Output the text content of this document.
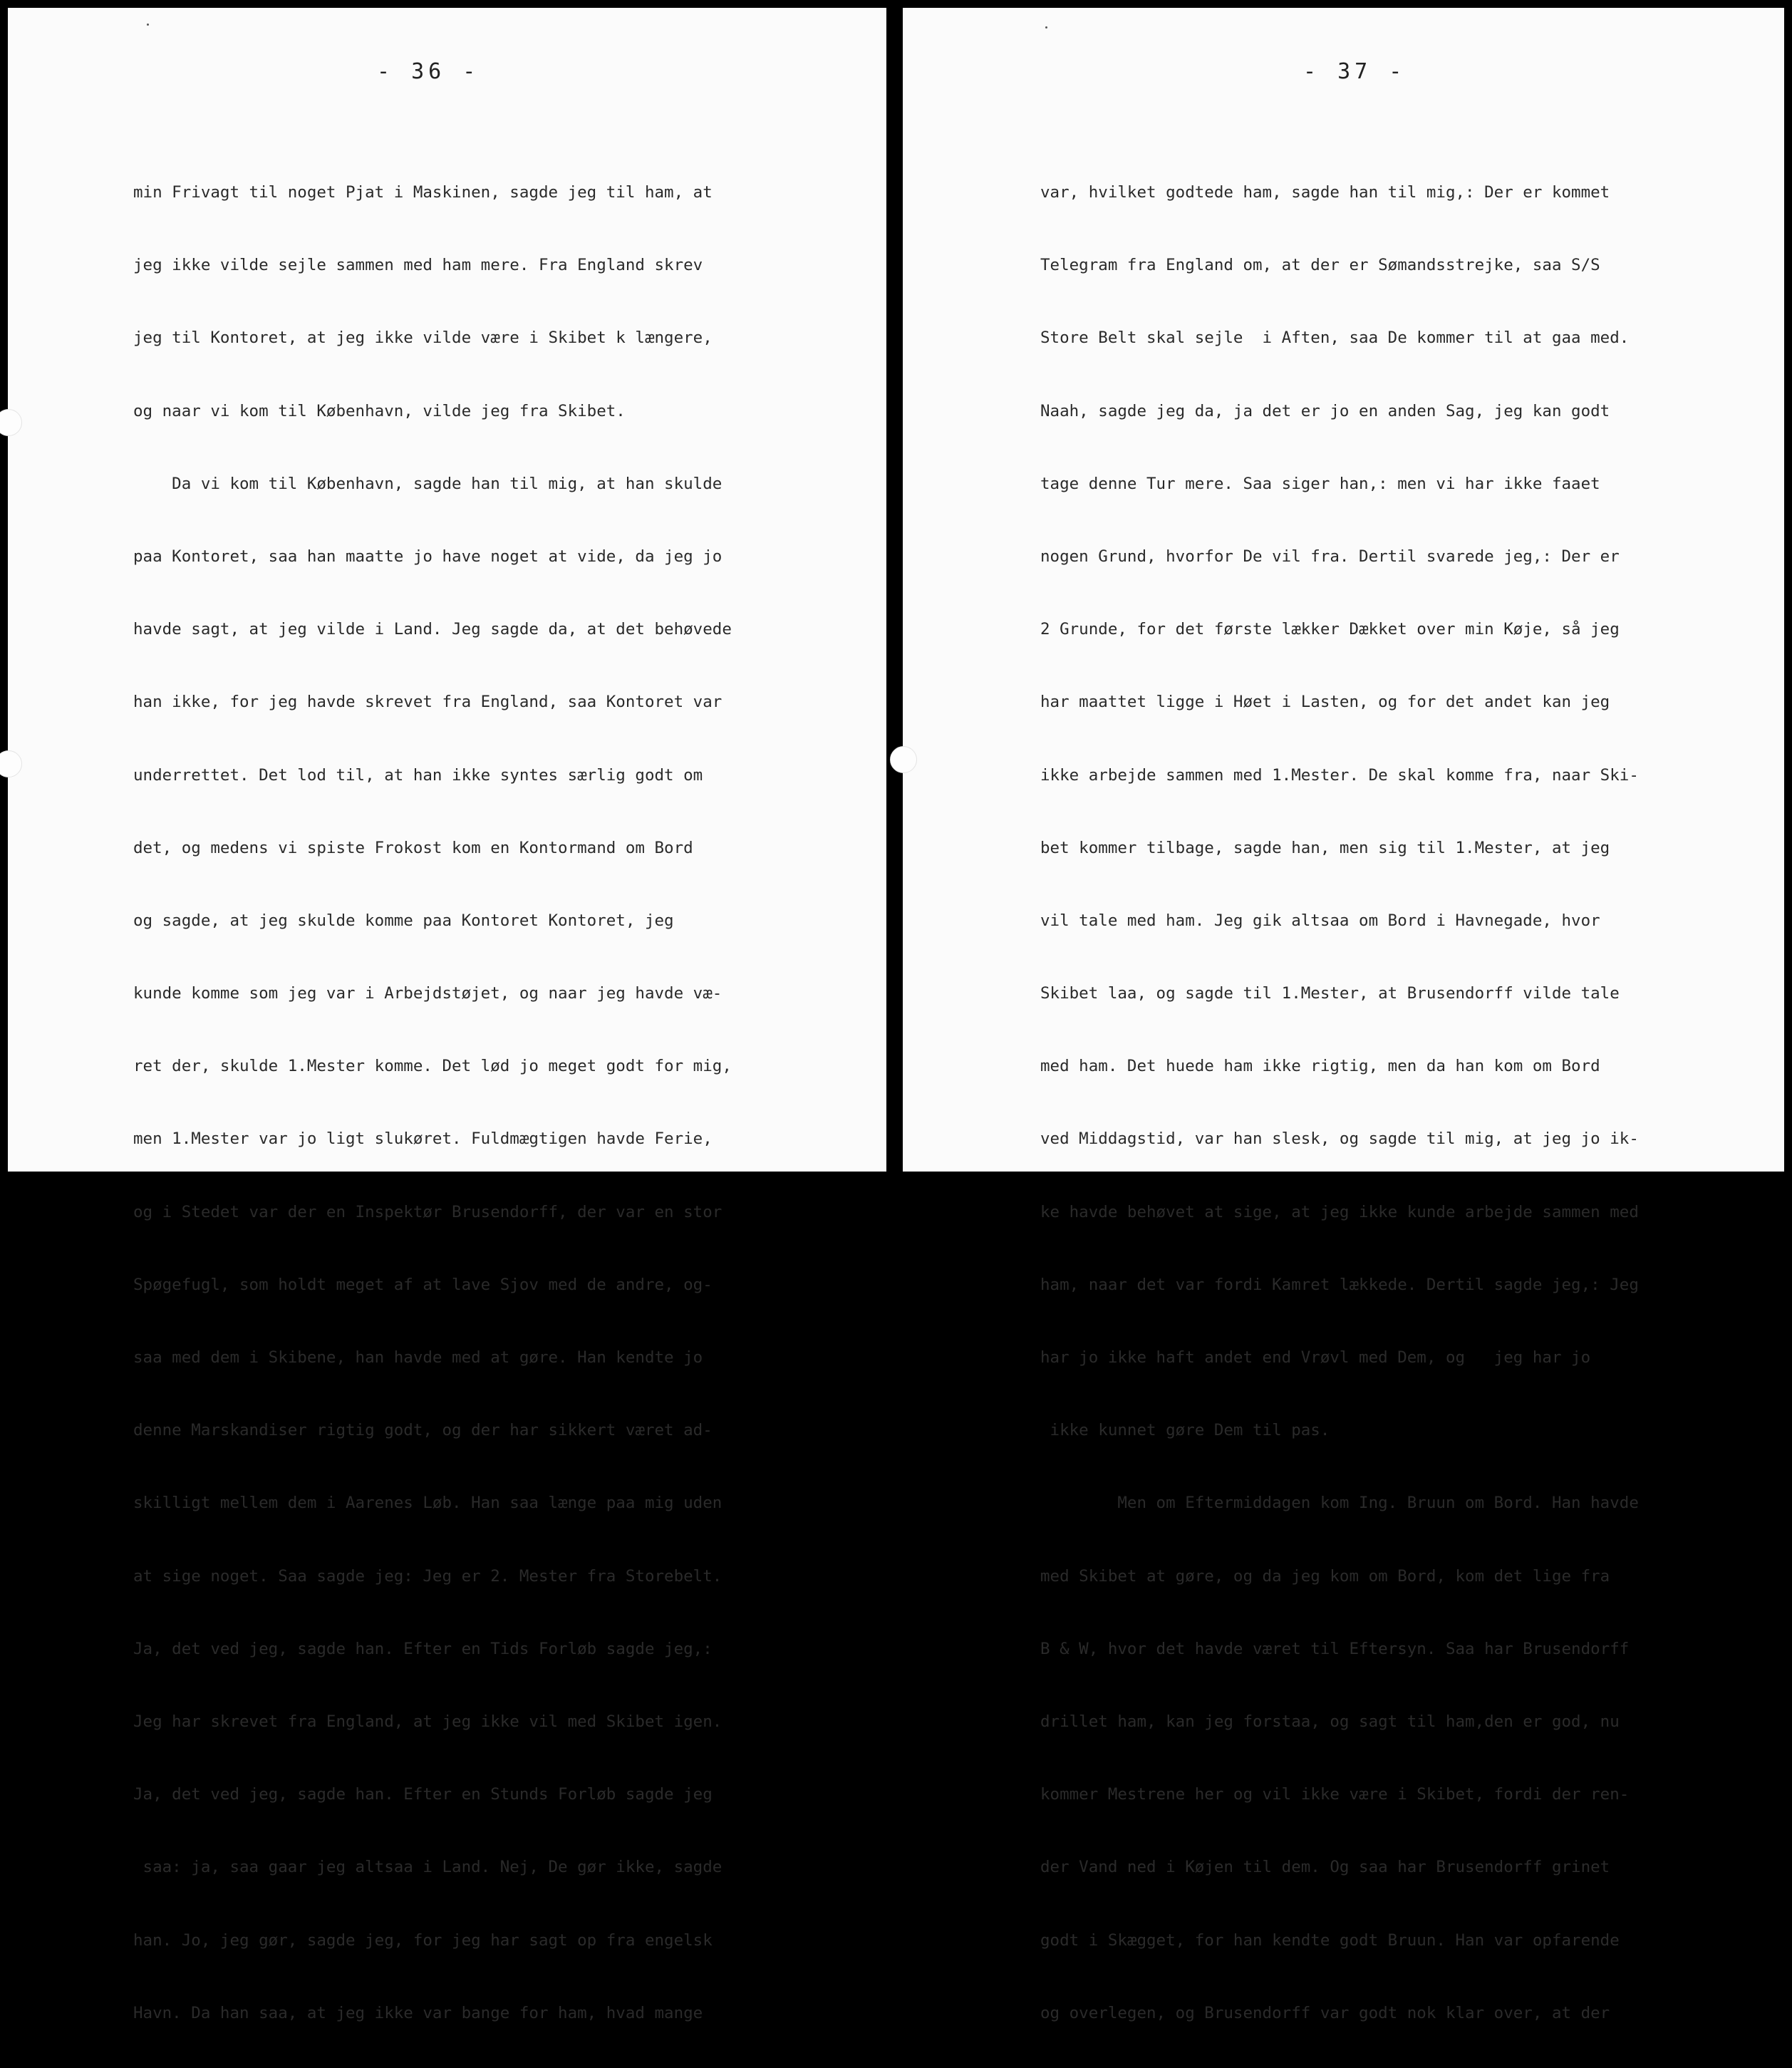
- 36 -

min Frivagt til noget Pjat i Maskinen, sagde jeg til ham, at

jeg ikke vilde sejle sammen med ham mere. Fra England skrev

jeg til Kontoret, at jeg ikke vilde være i Skibet k længere,

og naar vi kom til København, vilde jeg fra Skibet.

Da vi kom til København, sagde han til mig, at han skulde

paa Kontoret, saa han maatte jo have noget at vide, da jeg jo

havde sagt, at jeg vilde i Land. Jeg sagde da, at det behøvede

han ikke, for jeg havde skrevet fra England, saa Kontoret var

underrettet. Det lod til, at han ikke syntes særlig godt om

det, og medens vi spiste Frokost kom en Kontormand om Bord

og sagde, at jeg skulde komme paa Kontoret Kontoret, jeg

kunde komme som jeg var i Arbejdstøjet, og naar jeg havde væ-

ret der, skulde 1.Mester komme. Det lød jo meget godt for mig,

men 1.Mester var jo ligt slukøret. Fuldmægtigen havde Ferie,

og i Stedet var der en Inspektør Brusendorff, der var en stor

Spøgefugl, som holdt meget af at lave Sjov med de andre, og-

saa med dem i Skibene, han havde med at gøre. Han kendte jo

denne Marskandiser rigtig godt, og der har sikkert været ad-

skilligt mellem dem i Aarenes Løb. Han saa længe paa mig uden

at sige noget. Saa sagde jeg: Jeg er 2. Mester fra Storebelt.

Ja, det ved jeg, sagde han. Efter en Tids Forløb sagde jeg,:

Jeg har skrevet fra England, at jeg ikke vil med Skibet igen.

Ja, det ved jeg, sagde han. Efter en Stunds Forløb sagde jeg

saa: ja, saa gaar jeg altsaa i Land. Nej, De gør ikke, sagde

han. Jo, jeg gør, sagde jeg, for jeg har sagt op fra engelsk

Havn. Da han saa, at jeg ikke var bange for ham, hvad mange

- 37 -

var, hvilket godtede ham, sagde han til mig,: Der er kommet

Telegram fra England om, at der er Sømandsstrejke, saa S/S

Store Belt skal sejle  i Aften, saa De kommer til at gaa med.

Naah, sagde jeg da, ja det er jo en anden Sag, jeg kan godt

tage denne Tur mere. Saa siger han,: men vi har ikke faaet

nogen Grund, hvorfor De vil fra. Dertil svarede jeg,: Der er

2 Grunde, for det første lækker Dækket over min Køje, så jeg

har maattet ligge i Høet i Lasten, og for det andet kan jeg

ikke arbejde sammen med 1.Mester. De skal komme fra, naar Ski-

bet kommer tilbage, sagde han, men sig til 1.Mester, at jeg

vil tale med ham. Jeg gik altsaa om Bord i Havnegade, hvor

Skibet laa, og sagde til 1.Mester, at Brusendorff vilde tale

med ham. Det huede ham ikke rigtig, men da han kom om Bord

ved Middagstid, var han slesk, og sagde til mig, at jeg jo ik-

ke havde behøvet at sige, at jeg ikke kunde arbejde sammen med

ham, naar det var fordi Kamret lækkede. Dertil sagde jeg,: Jeg

har jo ikke haft andet end Vrøvl med Dem, og   jeg har jo

ikke kunnet gøre Dem til pas.

Men om Eftermiddagen kom Ing. Bruun om Bord. Han havde

med Skibet at gøre, og da jeg kom om Bord, kom det lige fra

B & W, hvor det havde været til Eftersyn. Saa har Brusendorff

drillet ham, kan jeg forstaa, og sagt til ham,den er god, nu

kommer Mestrene her og vil ikke være i Skibet, fordi der ren-

der Vand ned i Køjen til dem. Og saa har Brusendorff grinet

godt i Skægget, for han kendte godt Bruun. Han var opfarende

og overlegen, og Brusendorff var godt nok klar over, at der
